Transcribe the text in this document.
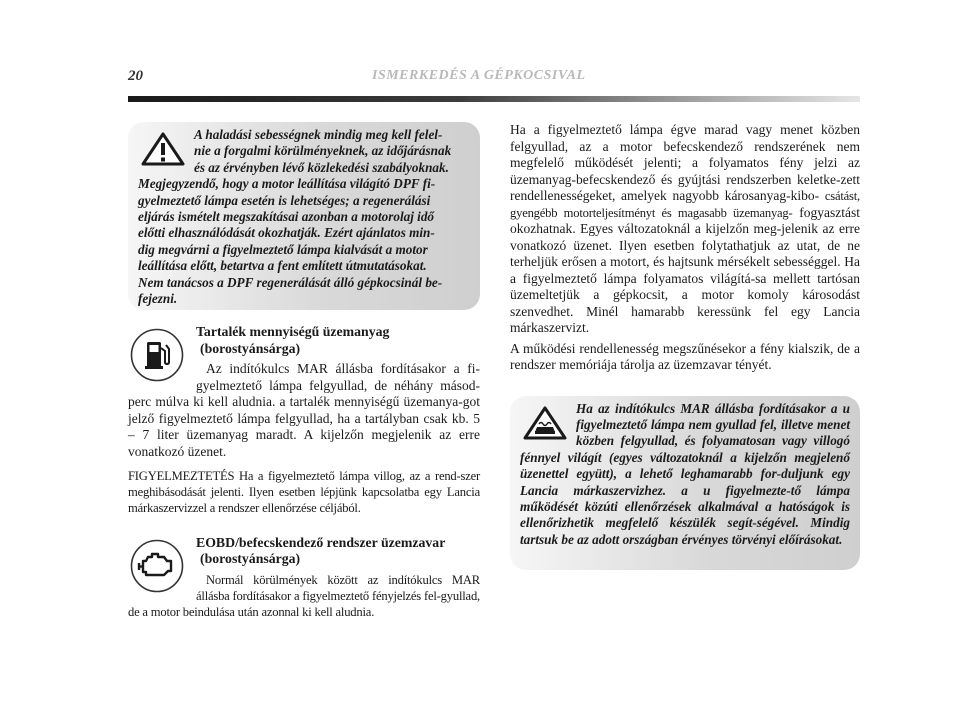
20	ISMERKEDÉS A GÉPKOCSIVAL

A haladási sebességnek mindig meg kell felel-

nie a forgalmi körülményeknek, az időjárásnak

és az érvényben lévő közlekedési szabályoknak.

Megjegyzendő, hogy a motor leállítása világító DPF fi-

gyelmeztető lámpa esetén is lehetséges; a regenerálási

eljárás ismételt megszakításai azonban a motorolaj idő

előtti elhasználódását okozhatják. Ezért ajánlatos min-

dig megvárni a figyelmeztető lámpa kialvását a motor

leállítása előtt, betartva a fent említett útmutatásokat.

Nem tanácsos a DPF regenerálását álló gépkocsinál be-

fejezni.

Tartalék mennyiségű üzemanyag
(borostyánsárga)

Az indítókulcs MAR állásba fordításakor a fi-gyelmeztető lámpa felgyullad, de néhány másod-perc múlva ki kell aludnia. a tartalék mennyiségű üzemanya-got jelző figyelmeztető lámpa felgyullad, ha a tartályban csak kb. 5 – 7 liter üzemanyag maradt. A kijelzőn megjelenik az erre vonatkozó üzenet.

FIGYELMEZTETÉS Ha a figyelmeztető lámpa villog, az a rend-szer meghibásodását jelenti. Ilyen esetben lépjünk kapcsolatba egy Lancia márkaszervizzel a rendszer ellenőrzése céljából.

EOBD/befecskendező rendszer üzemzavar
(borostyánsárga)

Normál körülmények között az indítókulcs MAR állásba fordításakor a figyelmeztető fényjelzés fel-gyullad, de a motor beindulása után azonnal ki kell aludnia.

Ha a figyelmeztető lámpa égve marad vagy menet közben felgyullad, az a motor befecskendező rendszerének nem megfelelő működését jelenti; a folyamatos fény jelzi az üzemanyag-befecskendező és gyújtási rendszerben keletke-zett rendellenességeket, amelyek nagyobb károsanyag-kibo- csátást, gyengébb motorteljesítményt és magasabb üzemanyag- fogyasztást okozhatnak. Egyes változatoknál a kijelzőn meg-jelenik az erre vonatkozó üzenet. Ilyen esetben folytathatjuk az utat, de ne terheljük erősen a motort, és hajtsunk mérsékelt sebességgel. Ha a figyelmeztető lámpa folyamatos világítá-sa mellett tartósan üzemeltetjük a gépkocsit, a motor komoly károsodást szenvedhet. Minél hamarabb keressünk fel egy Lancia márkaszervizt.

A működési rendellenesség megszűnésekor a fény kialszik, de a rendszer memóriája tárolja az üzemzavar tényét.

Ha az indítókulcs MAR állásba fordításakor a u figyelmeztető lámpa nem gyullad fel, illetve menet közben felgyullad, és folyamatosan vagy villogó fénnyel világít (egyes változatoknál a kijelzőn megjelenő üzenettel együtt), a lehető leghamarabb for-duljunk egy Lancia márkaszervizhez. a u figyelmezte-tő lámpa működését közúti ellenőrzések alkalmával a hatóságok is ellenőrizhetik megfelelő készülék segít-ségével. Mindig tartsuk be az adott országban érvényes törvényi előírásokat.
